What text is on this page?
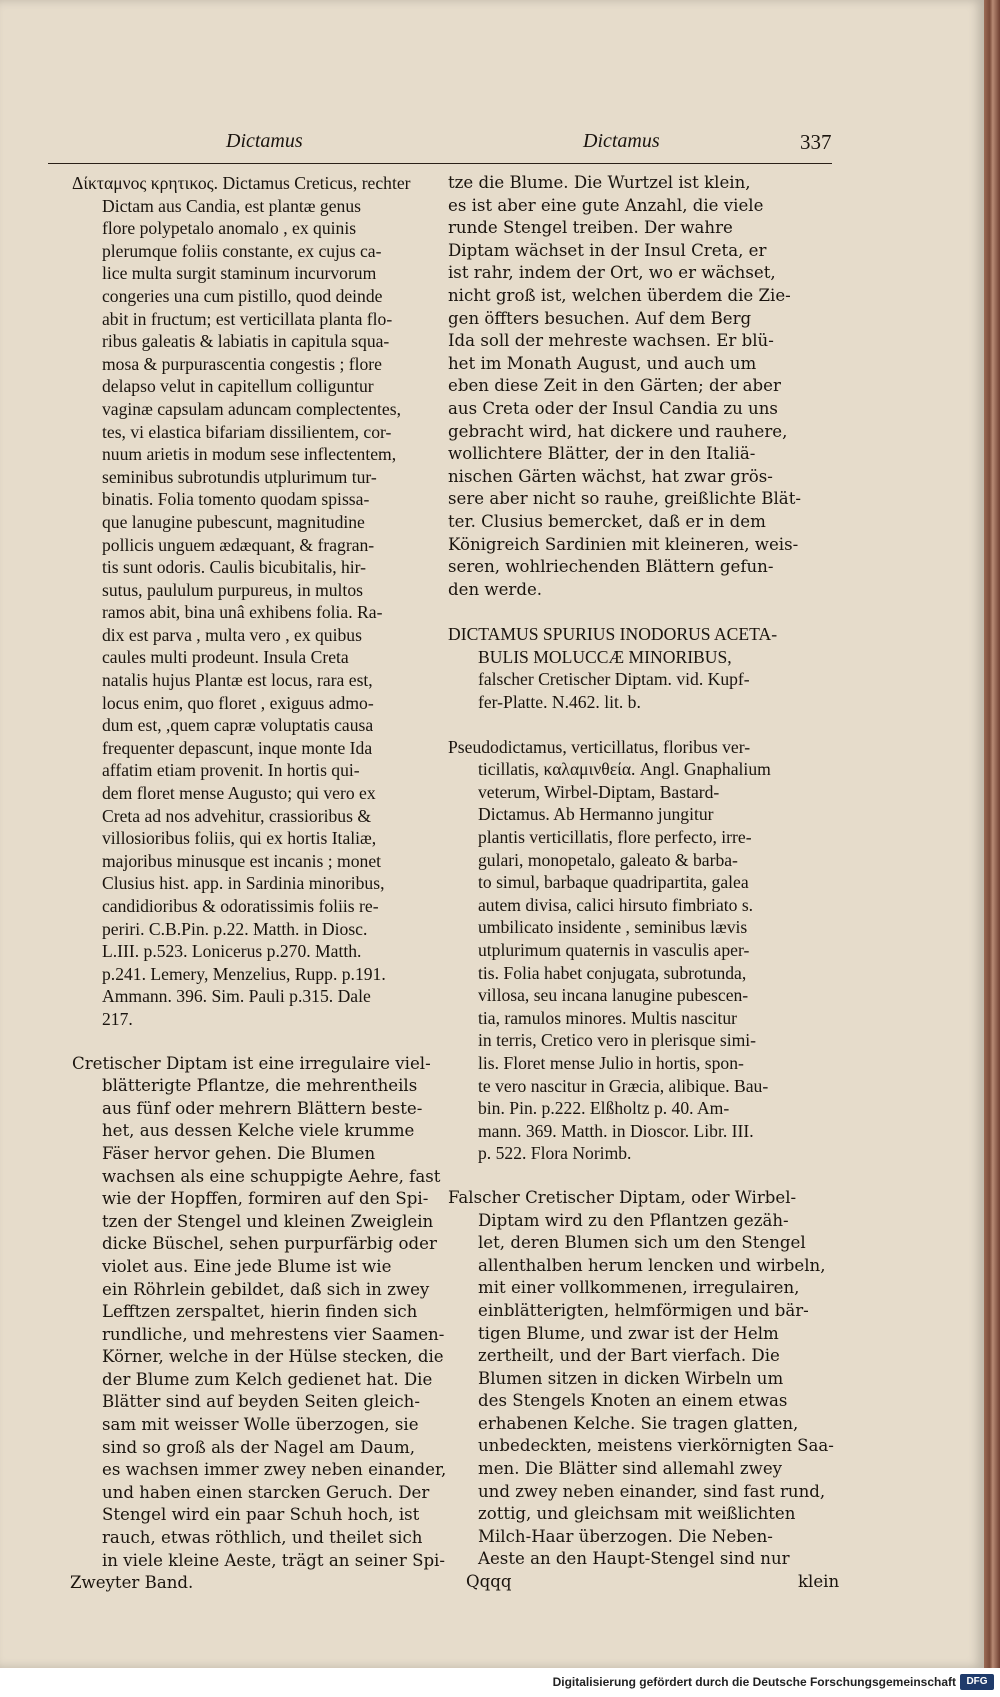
Dictamus	Dictamus	337
Δίκταμνος κρητικος. Dictamus Creticus, rechter
Dictam aus Candia, est plantæ genus
flore polypetalo anomalo , ex quinis
plerumque foliis constante, ex cujus ca-
lice multa surgit staminum incurvorum
congeries una cum pistillo, quod deinde
abit in fructum; est verticillata planta flo-
ribus galeatis & labiatis in capitula squa-
mosa & purpurascentia congestis ; flore
delapso velut in capitellum colliguntur
vaginæ capsulam aduncam complectentes,
tes, vi elastica bifariam dissilientem, cor-
nuum arietis in modum sese inflectentem,
seminibus subrotundis utplurimum tur-
binatis. Folia tomento quodam spissa-
que lanugine pubescunt, magnitudine
pollicis unguem ædæquant, & fragran-
tis sunt odoris. Caulis bicubitalis, hir-
sutus, paululum purpureus, in multos
ramos abit, bina unâ exhibens folia. Ra-
dix est parva , multa vero , ex quibus
caules multi prodeunt. Insula Creta
natalis hujus Plantæ est locus, rara est,
locus enim, quo floret , exiguus admo-
dum est, ,quem capræ voluptatis causa
frequenter depascunt, inque monte Ida
affatim etiam provenit. In hortis qui-
dem floret mense Augusto; qui vero ex
Creta ad nos advehitur, crassioribus &
villosioribus foliis, qui ex hortis Italiæ,
majoribus minusque est incanis ; monet
Clusius hist. app. in Sardinia minoribus,
candidioribus & odoratissimis foliis re-
periri. C.B.Pin. p.22. Matth. in Diosc.
L.III. p.523. Lonicerus p.270. Matth.
p.241. Lemery, Menzelius, Rupp. p.191.
Ammann. 396. Sim. Pauli p.315. Dale
217.
Cretischer Diptam ist eine irregulaire viel-
blätterigte Pflantze, die mehrentheils
aus fünf oder mehrern Blättern beste-
het, aus dessen Kelche viele krumme
Fäser hervor gehen. Die Blumen
wachsen als eine schuppigte Aehre, fast
wie der Hopffen, formiren auf den Spi-
tzen der Stengel und kleinen Zweiglein
dicke Büschel, sehen purpurfärbig oder
violet aus. Eine jede Blume ist wie
ein Röhrlein gebildet, daß sich in zwey
Lefftzen zerspaltet, hierin finden sich
rundliche, und mehrestens vier Saamen-
Körner, welche in der Hülse stecken, die
der Blume zum Kelch gedienet hat. Die
Blätter sind auf beyden Seiten gleich-
sam mit weisser Wolle überzogen, sie
sind so groß als der Nagel am Daum,
es wachsen immer zwey neben einander,
und haben einen starcken Geruch. Der
Stengel wird ein paar Schuh hoch, ist
rauch, etwas röthlich, und theilet sich
in viele kleine Aeste, trägt an seiner Spi-
Zweyter Band.
tze die Blume. Die Wurtzel ist klein,
es ist aber eine gute Anzahl, die viele
runde Stengel treiben. Der wahre
Diptam wächset in der Insul Creta, er
ist rahr, indem der Ort, wo er wächset,
nicht groß ist, welchen überdem die Zie-
gen öffters besuchen. Auf dem Berg
Ida soll der mehreste wachsen. Er blü-
het im Monath August, und auch um
eben diese Zeit in den Gärten; der aber
aus Creta oder der Insul Candia zu uns
gebracht wird, hat dickere und rauhere,
wollichtere Blätter, der in den Italiä-
nischen Gärten wächst, hat zwar grös-
sere aber nicht so rauhe, greißlichte Blät-
ter. Clusius bemercket, daß er in dem
Königreich Sardinien mit kleineren, weis-
seren, wohlriechenden Blättern gefun-
den werde.
DICTAMUS SPURIUS INODORUS ACETA-
BULIS MOLUCCÆ MINORIBUS,
falscher Cretischer Diptam. vid. Kupf-
fer-Platte. N.462. lit. b.
Pseudodictamus, verticillatus, floribus ver-
ticillatis, καλαμινθεία. Angl. Gnaphalium
veterum, Wirbel-Diptam, Bastard-
Dictamus. Ab Hermanno jungitur
plantis verticillatis, flore perfecto, irre-
gulari, monopetalo, galeato & barba-
to simul, barbaque quadripartita, galea
autem divisa, calici hirsuto fimbriato s.
umbilicato insidente , seminibus lævis
utplurimum quaternis in vasculis aper-
tis. Folia habet conjugata, subrotunda,
villosa, seu incana lanugine pubescen-
tia, ramulos minores. Multis nascitur
in terris, Cretico vero in plerisque simi-
lis. Floret mense Julio in hortis, spon-
te vero nascitur in Græcia, alibique. Bau-
bin. Pin. p.222. Elßholtz p. 40. Am-
mann. 369. Matth. in Dioscor. Libr. III.
p. 522. Flora Norimb.
Falscher Cretischer Diptam, oder Wirbel-
Diptam wird zu den Pflantzen gezäh-
let, deren Blumen sich um den Stengel
allenthalben herum lencken und wirbeln,
mit einer vollkommenen, irregulairen,
einblätterigten, helmförmigen und bär-
tigen Blume, und zwar ist der Helm
zertheilt, und der Bart vierfach. Die
Blumen sitzen in dicken Wirbeln um
des Stengels Knoten an einem etwas
erhabenen Kelche. Sie tragen glatten,
unbedeckten, meistens vierkörnigten Saa-
men. Die Blätter sind allemahl zwey
und zwey neben einander, sind fast rund,
zottig, und gleichsam mit weißlichten
Milch-Haar überzogen. Die Neben-
Aeste an den Haupt-Stengel sind nur
Qqqq	klein
Digitalisierung gefördert durch die Deutsche Forschungsgemeinschaft	DFG
